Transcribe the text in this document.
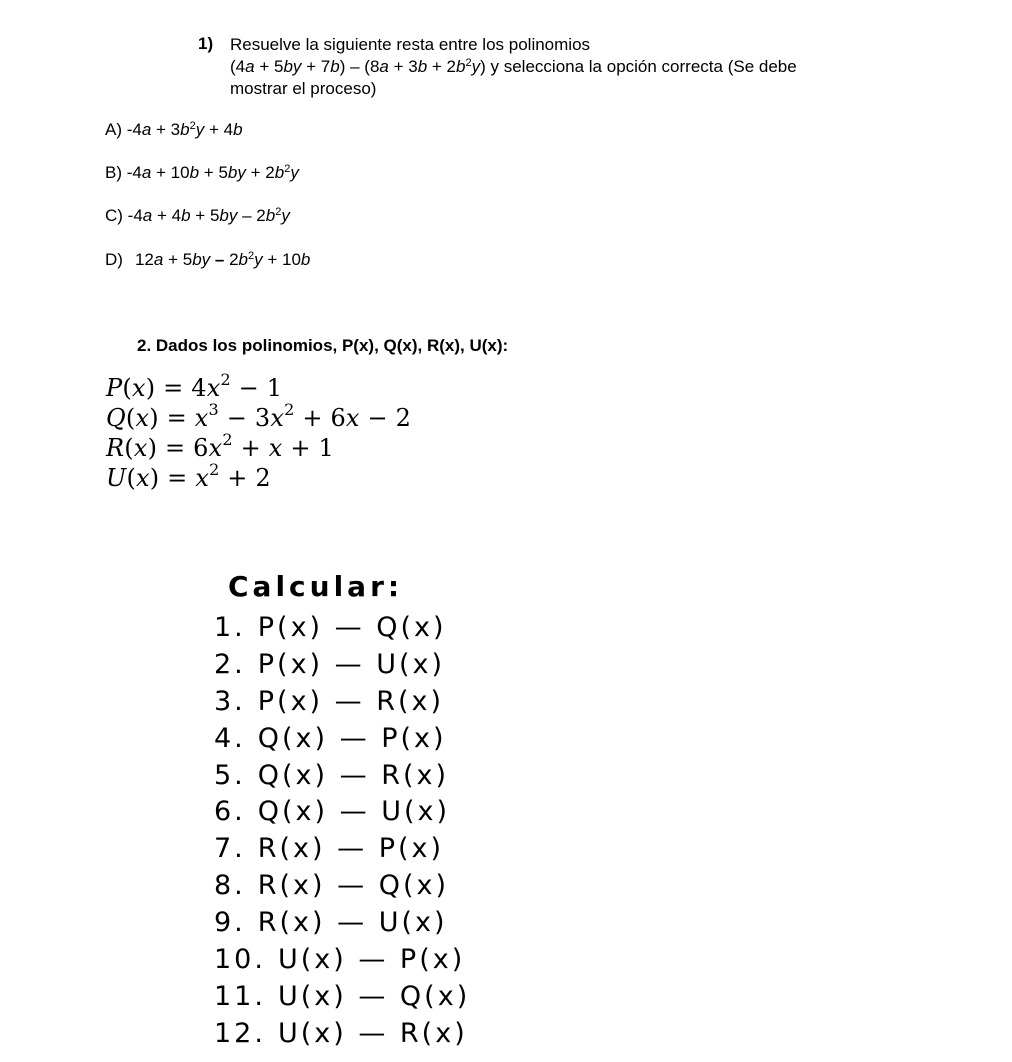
1) Resuelve la siguiente resta entre los polinomios
$(4a + 5by + 7b) - (8a + 3b + 2b^2y)$ y selecciona la opción correcta (Se debe
mostrar el proceso)
A) $-4a + 3b^2y + 4b$
B) $-4a + 10b + 5by + 2b^2y$
C) $-4a + 4b + 5by - 2b^2y$
D) $12a + 5by - 2b^2y + 10b$
2. Dados los polinomios, P(x), Q(x), R(x), U(x):
$P(x) = 4x^2 - 1$
$Q(x) = x^3 - 3x^2 + 6x - 2$
$R(x) = 6x^2 + x + 1$
$U(x) = x^2 + 2$
Calcular:
1. P(x) — Q(x)
2. P(x) — U(x)
3. P(x) — R(x)
4. Q(x) — P(x)
5. Q(x) — R(x)
6. Q(x) — U(x)
7. R(x) — P(x)
8. R(x) — Q(x)
9. R(x) — U(x)
10. U(x) — P(x)
11. U(x) — Q(x)
12. U(x) — R(x)
